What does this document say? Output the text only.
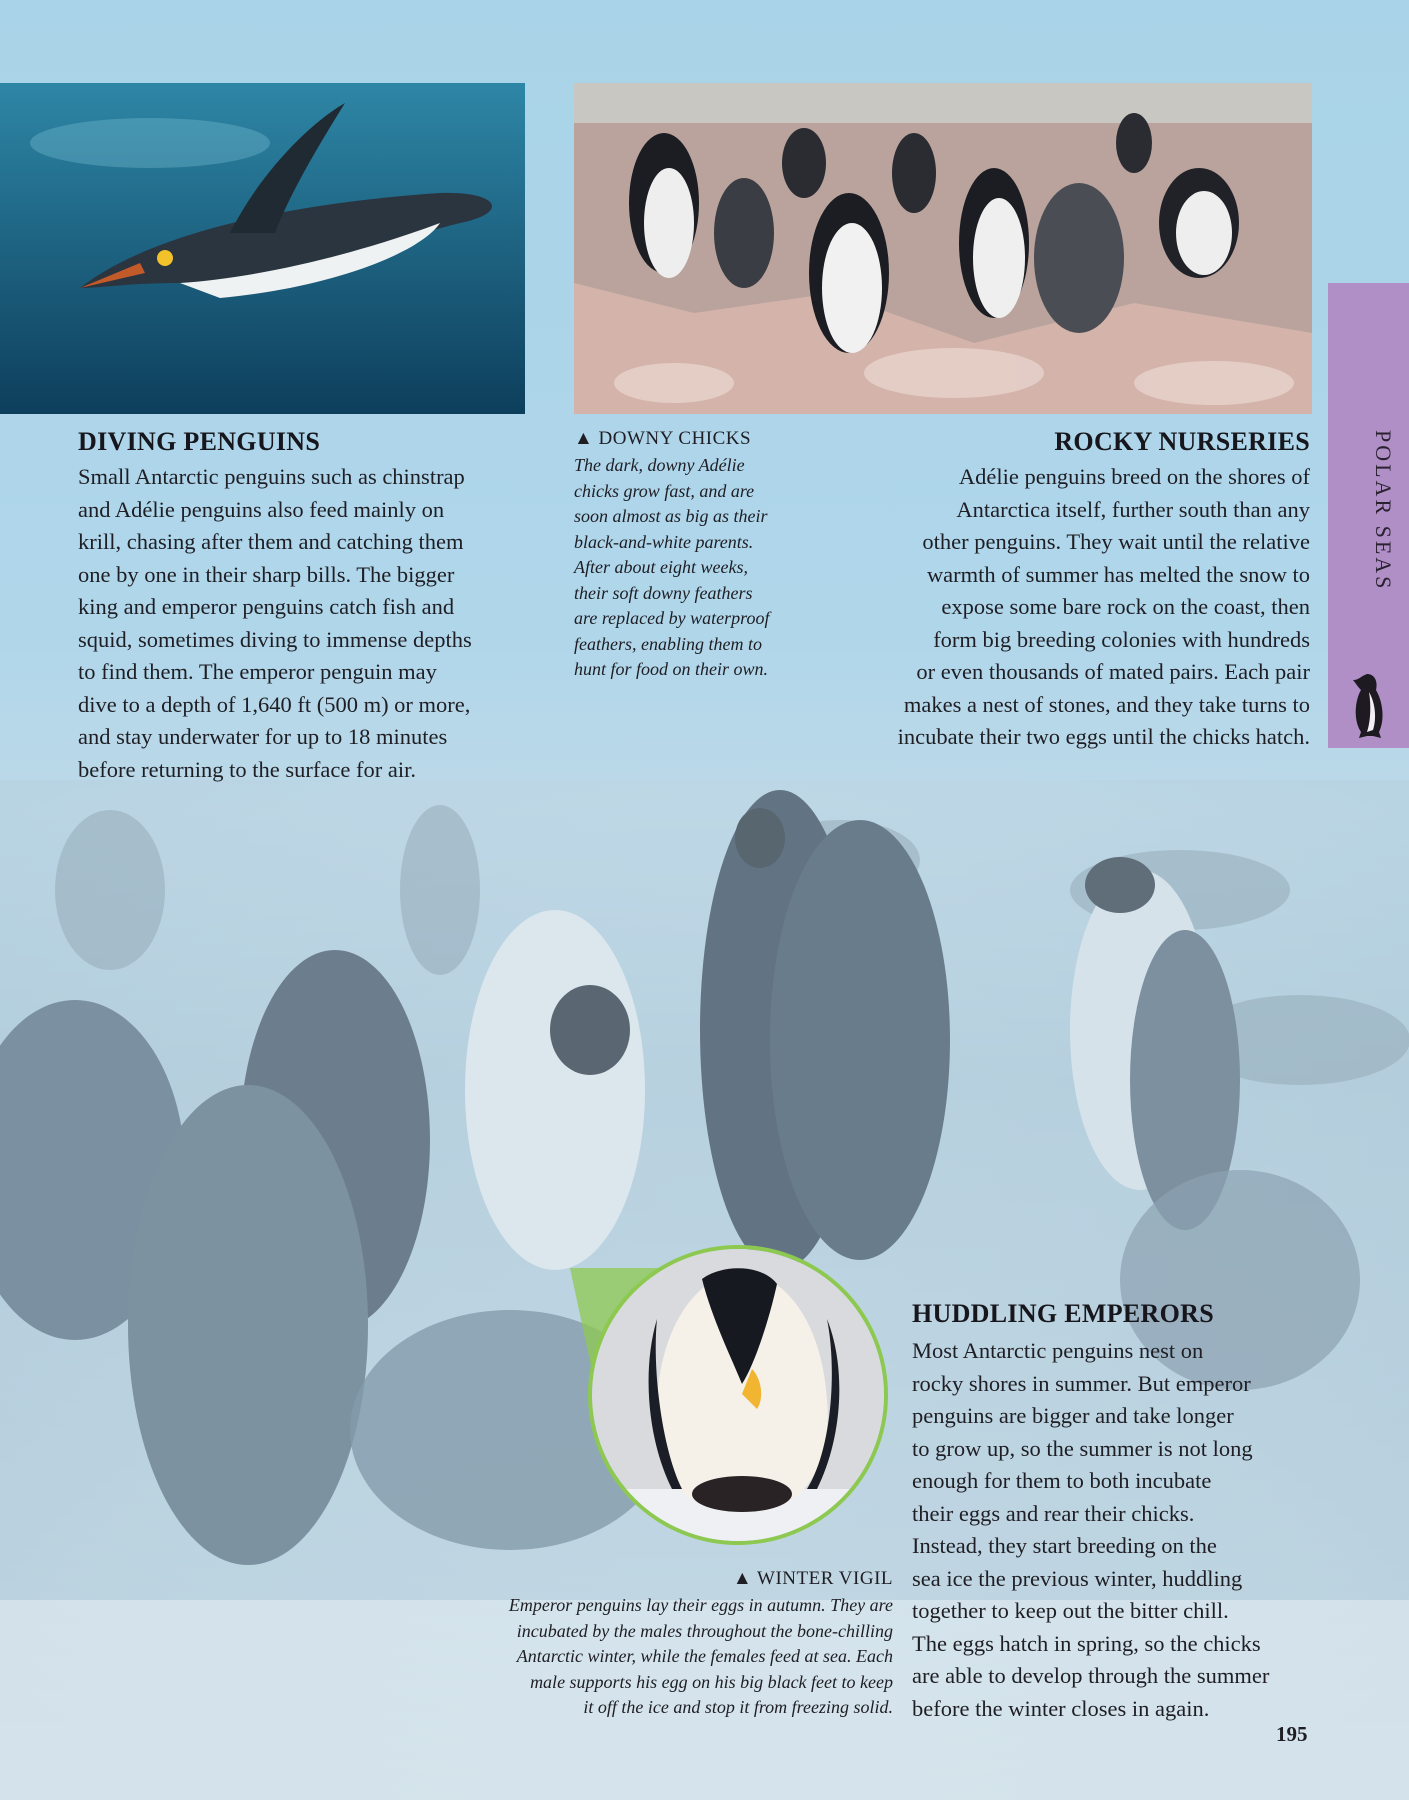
DIVING PENGUINS
Small Antarctic penguins such as chinstrap
and Adélie penguins also feed mainly on
krill, chasing after them and catching them
one by one in their sharp bills. The bigger
king and emperor penguins catch fish and
squid, sometimes diving to immense depths
to find them. The emperor penguin may
dive to a depth of 1,640 ft (500 m) or more,
and stay underwater for up to 18 minutes
before returning to the surface for air.
▲ DOWNY CHICKS
The dark, downy Adélie
chicks grow fast, and are
soon almost as big as their
black-and-white parents.
After about eight weeks,
their soft downy feathers
are replaced by waterproof
feathers, enabling them to
hunt for food on their own.
ROCKY NURSERIES
Adélie penguins breed on the shores of
Antarctica itself, further south than any
other penguins. They wait until the relative
warmth of summer has melted the snow to
expose some bare rock on the coast, then
form big breeding colonies with hundreds
or even thousands of mated pairs. Each pair
makes a nest of stones, and they take turns to
incubate their two eggs until the chicks hatch.
POLAR SEAS
HUDDLING EMPERORS
Most Antarctic penguins nest on
rocky shores in summer. But emperor
penguins are bigger and take longer
to grow up, so the summer is not long
enough for them to both incubate
their eggs and rear their chicks.
Instead, they start breeding on the
sea ice the previous winter, huddling
together to keep out the bitter chill.
The eggs hatch in spring, so the chicks
are able to develop through the summer
before the winter closes in again.
▲ WINTER VIGIL
Emperor penguins lay their eggs in autumn. They are
incubated by the males throughout the bone-chilling
Antarctic winter, while the females feed at sea. Each
male supports his egg on his big black feet to keep
it off the ice and stop it from freezing solid.
195
